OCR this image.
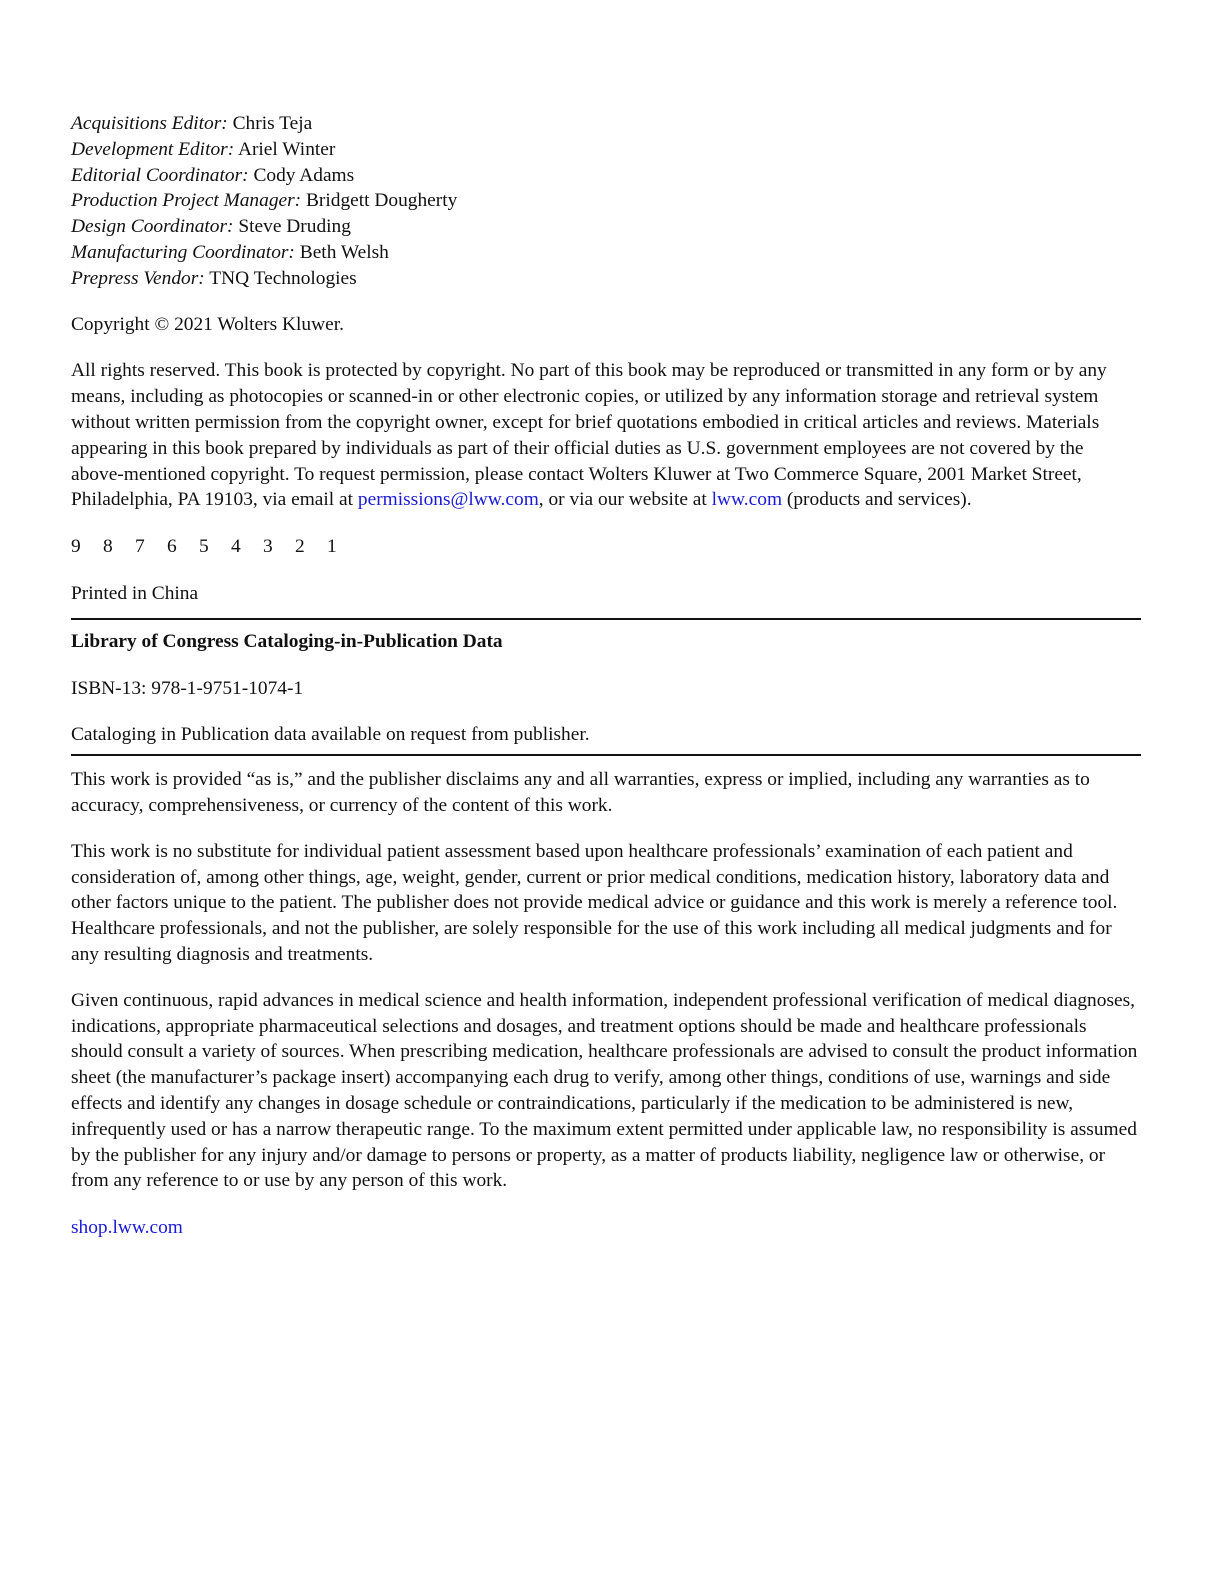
Acquisitions Editor: Chris Teja
Development Editor: Ariel Winter
Editorial Coordinator: Cody Adams
Production Project Manager: Bridgett Dougherty
Design Coordinator: Steve Druding
Manufacturing Coordinator: Beth Welsh
Prepress Vendor: TNQ Technologies

Copyright © 2021 Wolters Kluwer.

All rights reserved. This book is protected by copyright. No part of this book may be reproduced or transmitted in any form or by any means, including as photocopies or scanned-in or other electronic copies, or utilized by any information storage and retrieval system without written permission from the copyright owner, except for brief quotations embodied in critical articles and reviews. Materials appearing in this book prepared by individuals as part of their official duties as U.S. government employees are not covered by the above-mentioned copyright. To request permission, please contact Wolters Kluwer at Two Commerce Square, 2001 Market Street, Philadelphia, PA 19103, via email at permissions@lww.com, or via our website at lww.com (products and services).

9 8 7 6 5 4 3 2 1

Printed in China

Library of Congress Cataloging-in-Publication Data

ISBN-13: 978-1-9751-1074-1

Cataloging in Publication data available on request from publisher.

This work is provided “as is,” and the publisher disclaims any and all warranties, express or implied, including any warranties as to accuracy, comprehensiveness, or currency of the content of this work.

This work is no substitute for individual patient assessment based upon healthcare professionals’ examination of each patient and consideration of, among other things, age, weight, gender, current or prior medical conditions, medication history, laboratory data and other factors unique to the patient. The publisher does not provide medical advice or guidance and this work is merely a reference tool. Healthcare professionals, and not the publisher, are solely responsible for the use of this work including all medical judgments and for any resulting diagnosis and treatments.

Given continuous, rapid advances in medical science and health information, independent professional verification of medical diagnoses, indications, appropriate pharmaceutical selections and dosages, and treatment options should be made and healthcare professionals should consult a variety of sources. When prescribing medication, healthcare professionals are advised to consult the product information sheet (the manufacturer’s package insert) accompanying each drug to verify, among other things, conditions of use, warnings and side effects and identify any changes in dosage schedule or contraindications, particularly if the medication to be administered is new, infrequently used or has a narrow therapeutic range. To the maximum extent permitted under applicable law, no responsibility is assumed by the publisher for any injury and/or damage to persons or property, as a matter of products liability, negligence law or otherwise, or from any reference to or use by any person of this work.

shop.lww.com
